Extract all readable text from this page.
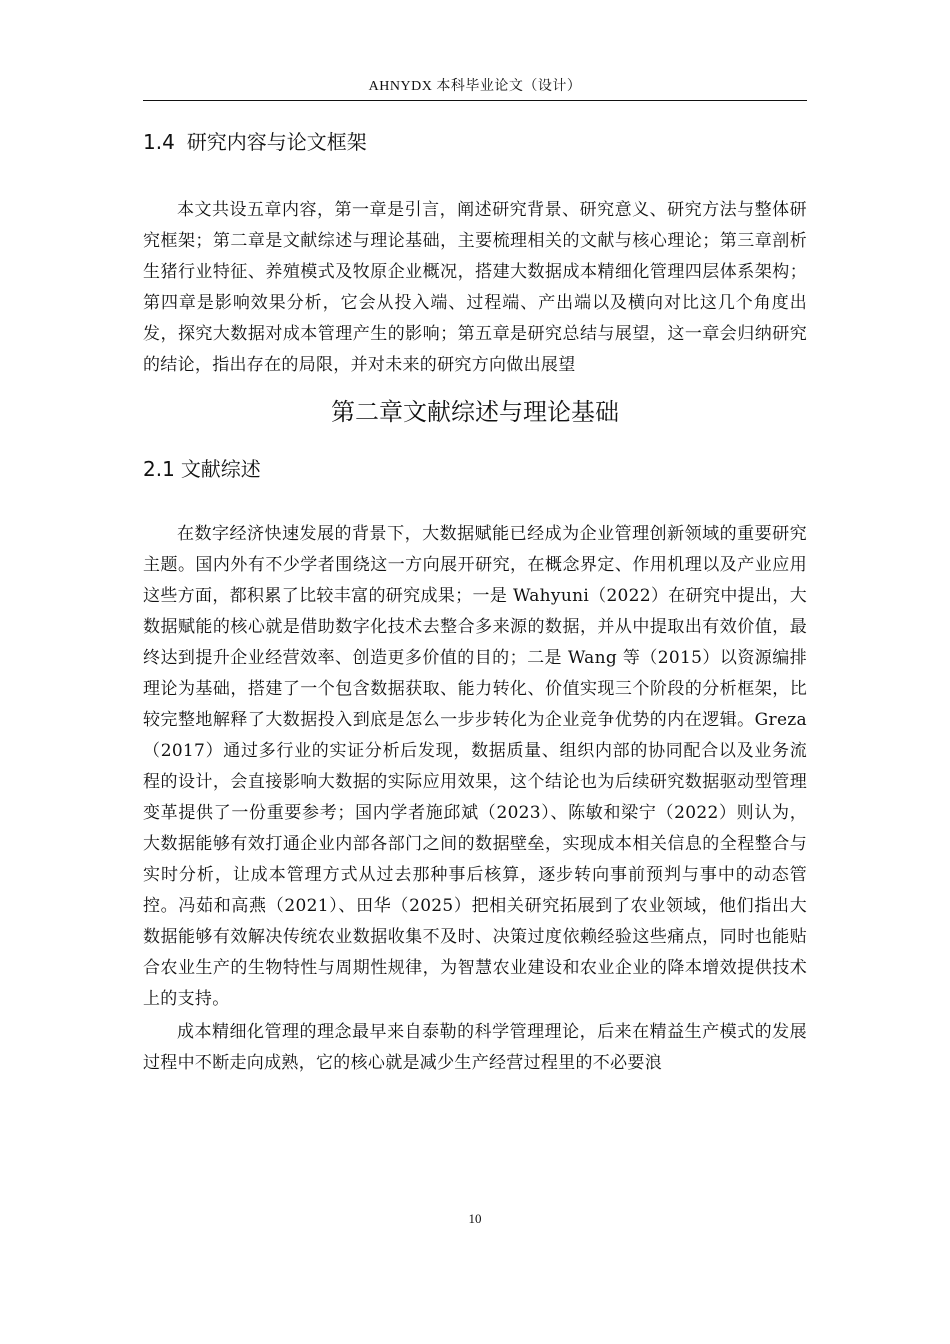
AHNYDX 本科毕业论文（设计）
1.4 研究内容与论文框架

本文共设五章内容，第一章是引言，阐述研究背景、研究意义、研究方法与整体研究框架；第二章是文献综述与理论基础，主要梳理相关的文献与核心理论；第三章剖析生猪行业特征、养殖模式及牧原企业概况，搭建大数据成本精细化管理四层体系架构；第四章是影响效果分析，它会从投入端、过程端、产出端以及横向对比这几个角度出发，探究大数据对成本管理产生的影响；第五章是研究总结与展望，这一章会归纳研究的结论，指出存在的局限，并对未来的研究方向做出展望

第二章文献综述与理论基础
2.1 文献综述

在数字经济快速发展的背景下，大数据赋能已经成为企业管理创新领域的重要研究主题。国内外有不少学者围绕这一方向展开研究，在概念界定、作用机理以及产业应用这些方面，都积累了比较丰富的研究成果；一是 Wahyuni（2022）在研究中提出，大数据赋能的核心就是借助数字化技术去整合多来源的数据，并从中提取出有效价值，最终达到提升企业经营效率、创造更多价值的目的；二是 Wang 等（2015）以资源编排理论为基础，搭建了一个包含数据获取、能力转化、价值实现三个阶段的分析框架，比较完整地解释了大数据投入到底是怎么一步步转化为企业竞争优势的内在逻辑。Greza（2017）通过多行业的实证分析后发现，数据质量、组织内部的协同配合以及业务流程的设计，会直接影响大数据的实际应用效果，这个结论也为后续研究数据驱动型管理变革提供了一份重要参考；国内学者施邱斌（2023）、陈敏和梁宁（2022）则认为，大数据能够有效打通企业内部各部门之间的数据壁垒，实现成本相关信息的全程整合与实时分析，让成本管理方式从过去那种事后核算，逐步转向事前预判与事中的动态管控。冯茹和高燕（2021）、田华（2025）把相关研究拓展到了农业领域，他们指出大数据能够有效解决传统农业数据收集不及时、决策过度依赖经验这些痛点，同时也能贴合农业生产的生物特性与周期性规律，为智慧农业建设和农业企业的降本增效提供技术上的支持。

成本精细化管理的理念最早来自泰勒的科学管理理论，后来在精益生产模式的发展过程中不断走向成熟，它的核心就是减少生产经营过程里的不必要浪

10
